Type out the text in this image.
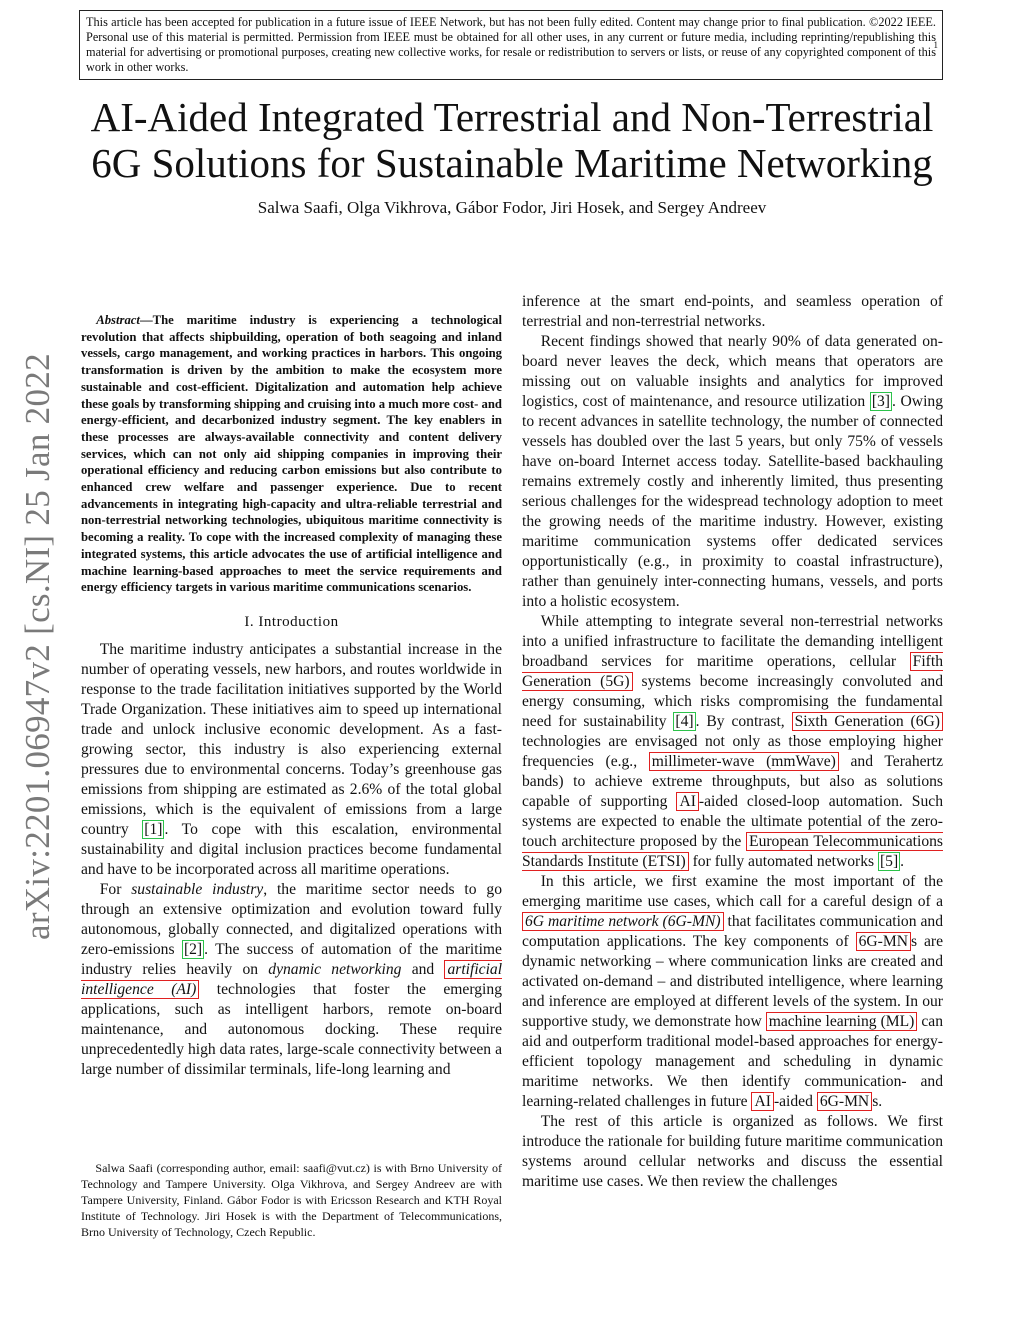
This article has been accepted for publication in a future issue of IEEE Network, but has not been fully edited. Content may change prior to final publication. ©2022 IEEE. Personal use of this material is permitted. Permission from IEEE must be obtained for all other uses, in any current or future media, including reprinting/republishing this material for advertising or promotional purposes, creating new collective works, for resale or redistribution to servers or lists, or reuse of any copyrighted component of this work in other works.
1
AI-Aided Integrated Terrestrial and Non-Terrestrial
6G Solutions for Sustainable Maritime Networking
Salwa Saafi, Olga Vikhrova, Gábor Fodor, Jiri Hosek, and Sergey Andreev
arXiv:2201.06947v2 [cs.NI] 25 Jan 2022

Abstract—The maritime industry is experiencing a technological revolution that affects shipbuilding, operation of both seagoing and inland vessels, cargo management, and working practices in harbors. This ongoing transformation is driven by the ambition to make the ecosystem more sustainable and cost-efficient. Digitalization and automation help achieve these goals by transforming shipping and cruising into a much more cost- and energy-efficient, and decarbonized industry segment. The key enablers in these processes are always-available connectivity and content delivery services, which can not only aid shipping companies in improving their operational efficiency and reducing carbon emissions but also contribute to enhanced crew welfare and passenger experience. Due to recent advancements in integrating high-capacity and ultra-reliable terrestrial and non-terrestrial networking technologies, ubiquitous maritime connectivity is becoming a reality. To cope with the increased complexity of managing these integrated systems, this article advocates the use of artificial intelligence and machine learning-based approaches to meet the service requirements and energy efficiency targets in various maritime communications scenarios.

I. Introduction

The maritime industry anticipates a substantial increase in the number of operating vessels, new harbors, and routes worldwide in response to the trade facilitation initiatives supported by the World Trade Organization. These initiatives aim to speed up international trade and unlock inclusive economic development. As a fast-growing sector, this industry is also experiencing external pressures due to environmental concerns. Today’s greenhouse gas emissions from shipping are estimated as 2.6% of the total global emissions, which is the equivalent of emissions from a large country [1] . To cope with this escalation, environmental sustainability and digital inclusion practices become fundamental and have to be incorporated across all maritime operations.

For sustainable industry, the maritime sector needs to go through an extensive optimization and evolution toward fully autonomous, globally connected, and digitalized operations with zero-emissions [2] . The success of automation of the maritime industry relies heavily on dynamic networking and artificial intelligence (AI) technologies that foster the emerging applications, such as intelligent harbors, remote on-board maintenance, and autonomous docking. These require unprecedentedly high data rates, large-scale connectivity between a large number of dissimilar terminals, life-long learning and

Salwa Saafi (corresponding author, email: saafi@vut.cz) is with Brno University of Technology and Tampere University. Olga Vikhrova, and Sergey Andreev are with Tampere University, Finland. Gábor Fodor is with Ericsson Research and KTH Royal Institute of Technology. Jiri Hosek is with the Department of Telecommunications, Brno University of Technology, Czech Republic.

inference at the smart end-points, and seamless operation of terrestrial and non-terrestrial networks.

Recent findings showed that nearly 90% of data generated on-board never leaves the deck, which means that operators are missing out on valuable insights and analytics for improved logistics, cost of maintenance, and resource utilization [3] . Owing to recent advances in satellite technology, the number of connected vessels has doubled over the last 5 years, but only 75% of vessels have on-board Internet access today. Satellite-based backhauling remains extremely costly and inherently limited, thus presenting serious challenges for the widespread technology adoption to meet the growing needs of the maritime industry. However, existing maritime communication systems offer dedicated services opportunistically (e.g., in proximity to coastal infrastructure), rather than genuinely inter-connecting humans, vessels, and ports into a holistic ecosystem.

While attempting to integrate several non-terrestrial networks into a unified infrastructure to facilitate the demanding intelligent broadband services for maritime operations, cellular Fifth Generation (5G) systems become increasingly convoluted and energy consuming, which risks compromising the fundamental need for sustainability [4] . By contrast, Sixth Generation (6G) technologies are envisaged not only as those employing higher frequencies (e.g., millimeter-wave (mmWave) and Terahertz bands) to achieve extreme throughputs, but also as solutions capable of supporting AI -aided closed-loop automation. Such systems are expected to enable the ultimate potential of the zero-touch architecture proposed by the European Telecommunications Standards Institute (ETSI) for fully automated networks [5] .

In this article, we first examine the most important of the emerging maritime use cases, which call for a careful design of a 6G maritime network (6G-MN) that facilitates communication and computation applications. The key components of 6G-MN s are dynamic networking – where communication links are created and activated on-demand – and distributed intelligence, where learning and inference are employed at different levels of the system. In our supportive study, we demonstrate how machine learning (ML) can aid and outperform traditional model-based approaches for energy-efficient topology management and scheduling in dynamic maritime networks. We then identify communication- and learning-related challenges in future AI -aided 6G-MN s.

The rest of this article is organized as follows. We first introduce the rationale for building future maritime communication systems around cellular networks and discuss the essential maritime use cases. We then review the challenges
